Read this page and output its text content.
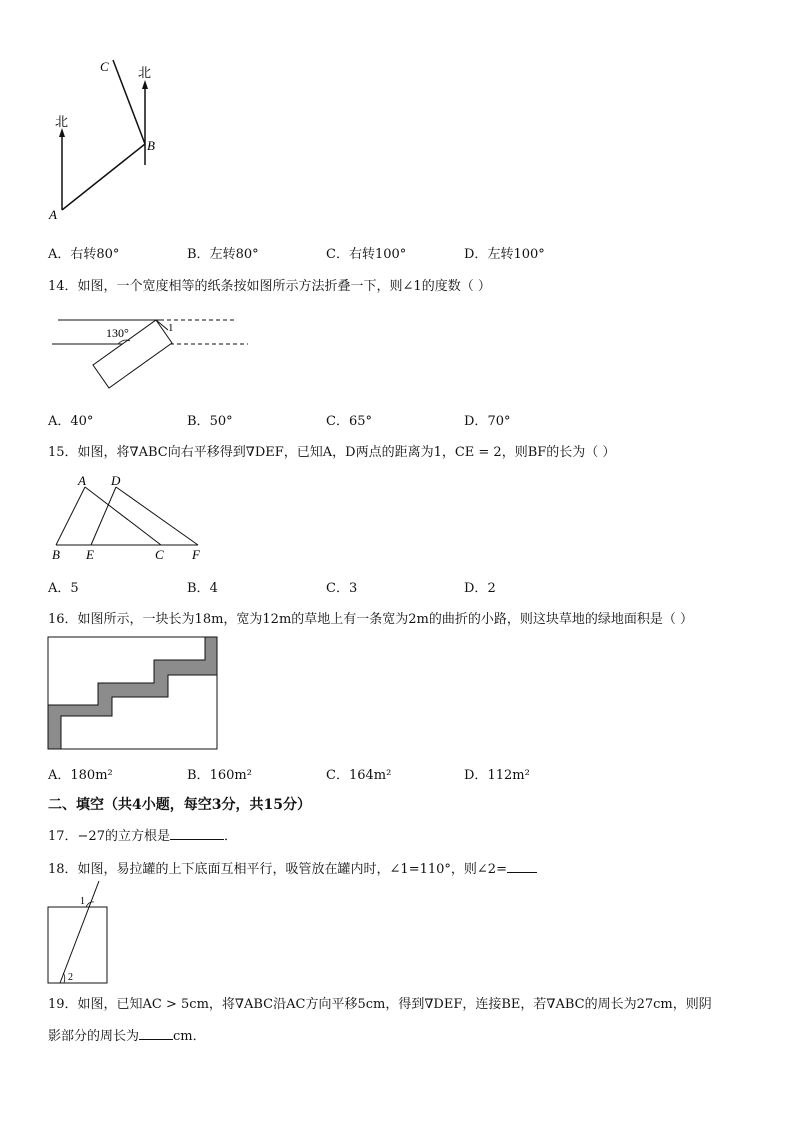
北
北
A
B
C
A．右转80°	B．左转80°	C．右转100°	D．左转100°
14．如图，一个宽度相等的纸条按如图所示方法折叠一下，则∠1的度数（ ）
130°	1
A．40°	B．50°	C．65°	D．70°
15．如图，将∇ABC向右平移得到∇DEF，已知A，D两点的距离为1，CE = 2，则BF的长为（ ）
A D
B E	C F
A．5	B．4	C．3	D．2
16．如图所示，一块长为18m，宽为12m的草地上有一条宽为2m的曲折的小路，则这块草地的绿地面积是（ ）
A．180m²	B．160m²	C．164m²	D．112m²
二、填空（共4小题，每空3分，共15分）
17．−27的立方根是	．
18．如图，易拉罐的上下底面互相平行，吸管放在罐内时，∠1=110°，则∠2=
1
2
19．如图，已知AC > 5cm，将∇ABC沿AC方向平移5cm，得到∇DEF，连接BE，若∇ABC的周长为27cm，则阴
影部分的周长为	cm．
